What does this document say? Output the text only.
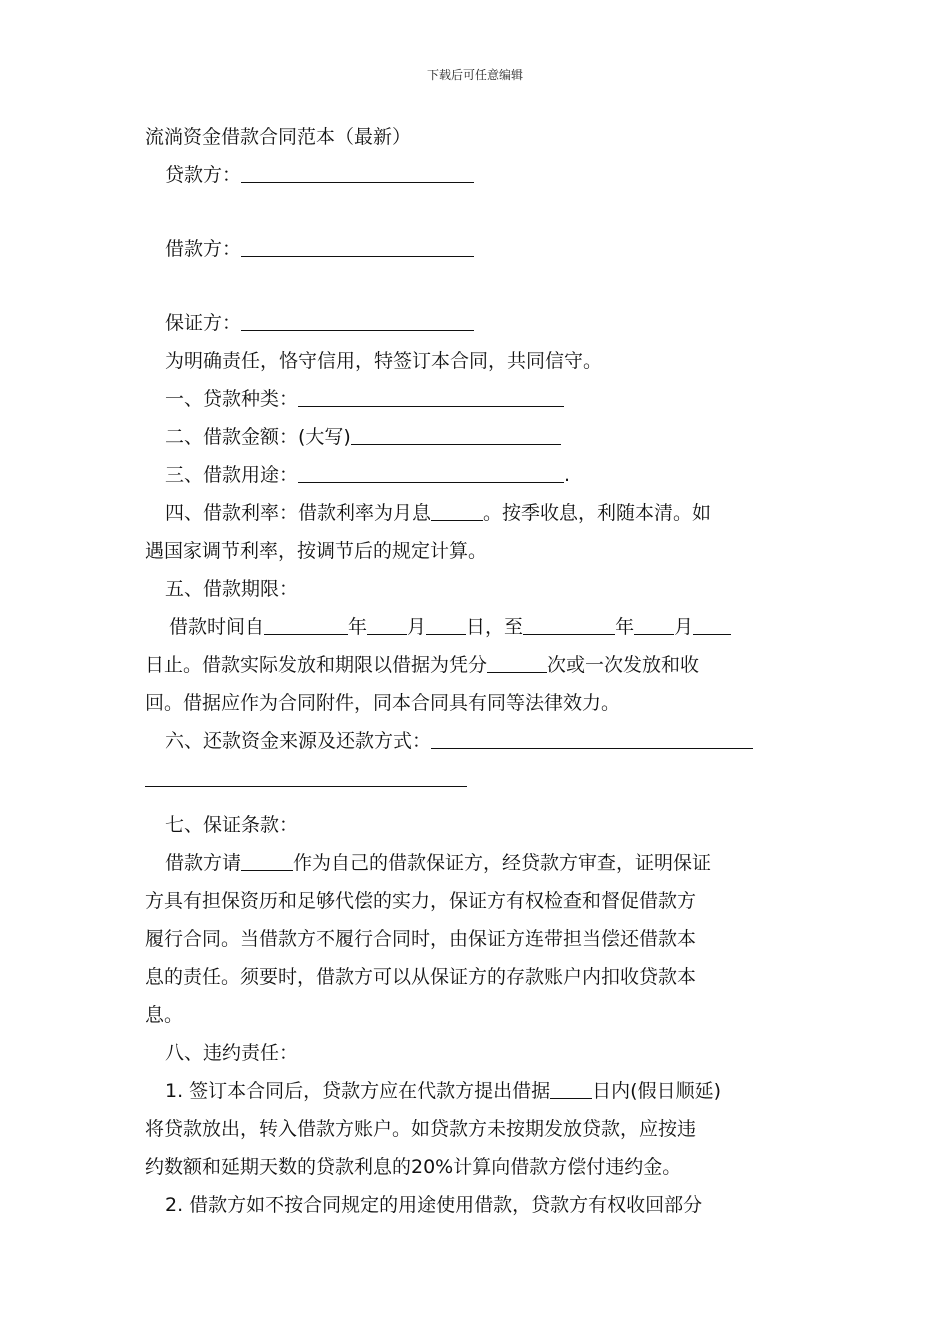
下载后可任意编辑

流淌资金借款合同范本（最新）

贷款方：

借款方：

保证方：

为明确责任，恪守信用，特签订本合同，共同信守。

一、贷款种类：

二、借款金额：(大写)

三、借款用途：	.

四、借款利率：借款利率为月息	。按季收息，利随本清。如

遇国家调节利率，按调节后的规定计算。

五、借款期限：

借款时间自	年 月 日，至	年 月

日止。借款实际发放和期限以借据为凭分	次或一次发放和收

回。借据应作为合同附件，同本合同具有同等法律效力。

六、还款资金来源及还款方式：

七、保证条款：

借款方请	作为自己的借款保证方，经贷款方审查，证明保证

方具有担保资历和足够代偿的实力，保证方有权检查和督促借款方

履行合同。当借款方不履行合同时，由保证方连带担当偿还借款本

息的责任。须要时，借款方可以从保证方的存款账户内扣收贷款本

息。

八、违约责任：

1. 签订本合同后，贷款方应在代款方提出借据 日内(假日顺延)

将贷款放出，转入借款方账户。如贷款方未按期发放贷款，应按违

约数额和延期天数的贷款利息的20%计算向借款方偿付违约金。

2. 借款方如不按合同规定的用途使用借款，贷款方有权收回部分
